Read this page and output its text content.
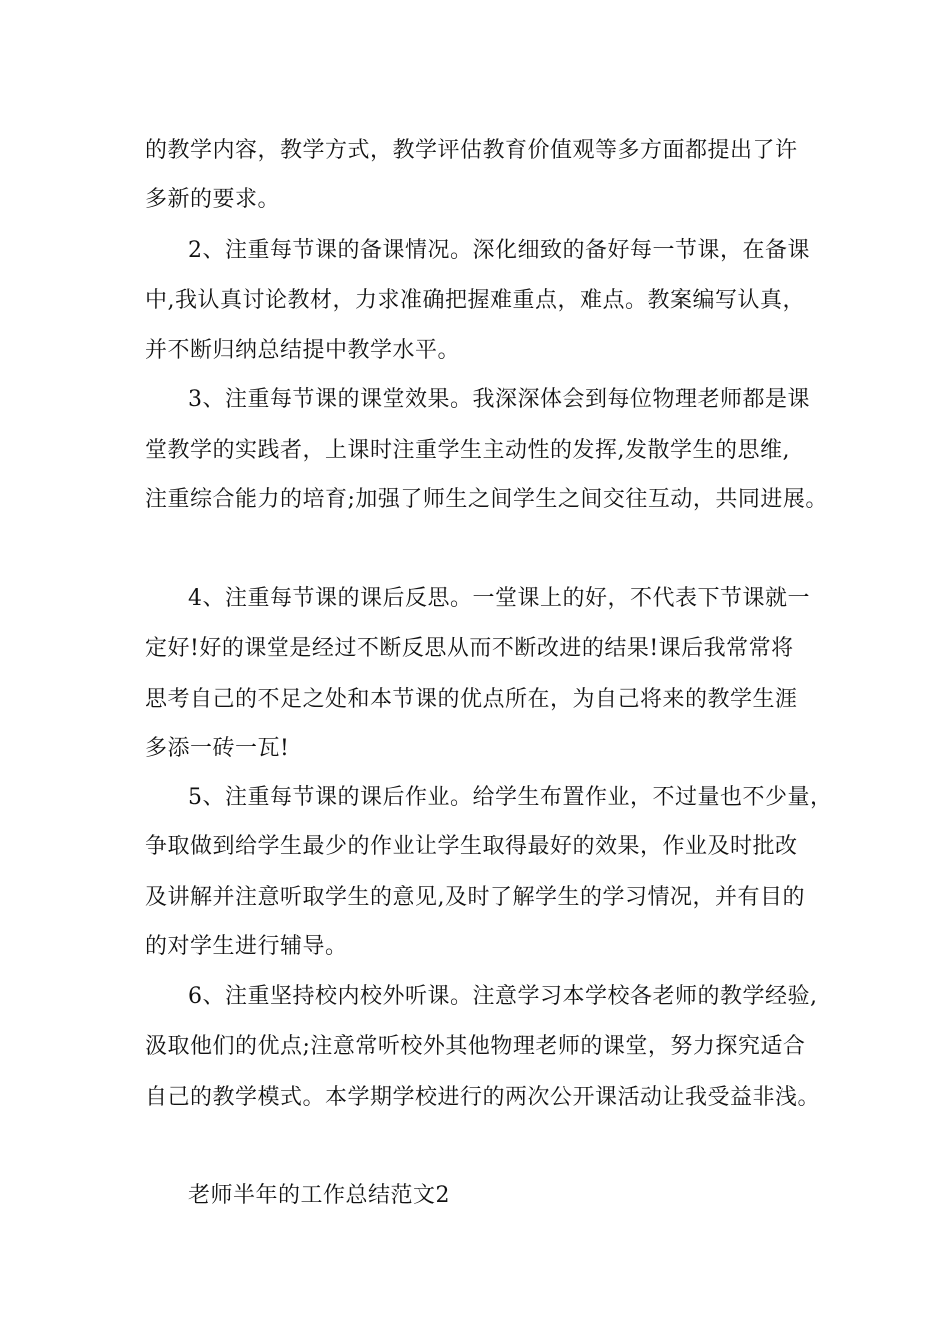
的教学内容，教学方式，教学评估教育价值观等多方面都提出了许
多新的要求。
2、注重每节课的备课情况。深化细致的备好每一节课，在备课
中,我认真讨论教材，力求准确把握难重点，难点。教案编写认真，
并不断归纳总结提中教学水平。
3、注重每节课的课堂效果。我深深体会到每位物理老师都是课
堂教学的实践者，上课时注重学生主动性的发挥,发散学生的思维,
注重综合能力的培育;加强了师生之间学生之间交往互动，共同进展。
4、注重每节课的课后反思。一堂课上的好，不代表下节课就一
定好!好的课堂是经过不断反思从而不断改进的结果!课后我常常将
思考自己的不足之处和本节课的优点所在，为自己将来的教学生涯
多添一砖一瓦!
5、注重每节课的课后作业。给学生布置作业，不过量也不少量，
争取做到给学生最少的作业让学生取得最好的效果，作业及时批改
及讲解并注意听取学生的意见,及时了解学生的学习情况，并有目的
的对学生进行辅导。
6、注重坚持校内校外听课。注意学习本学校各老师的教学经验,
汲取他们的优点;注意常听校外其他物理老师的课堂，努力探究适合
自己的教学模式。本学期学校进行的两次公开课活动让我受益非浅。
老师半年的工作总结范文2
